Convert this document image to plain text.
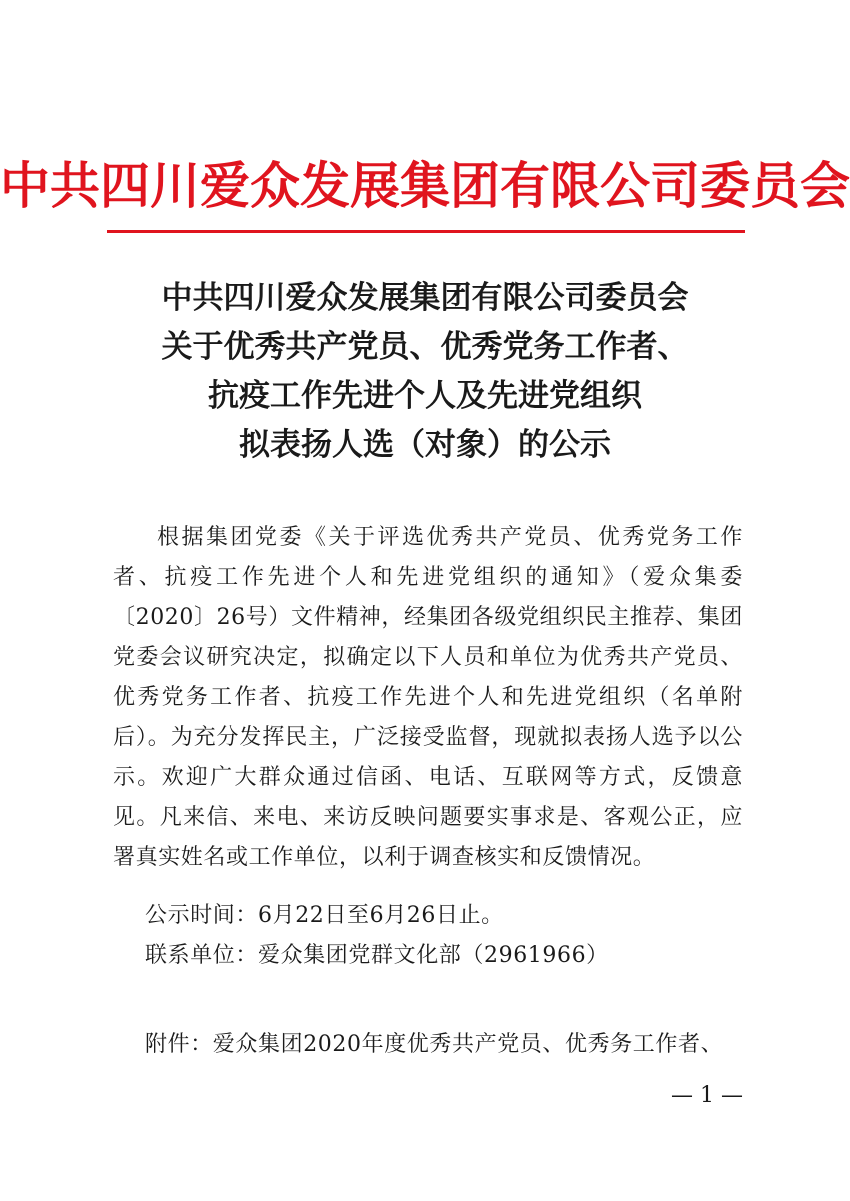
中共四川爱众发展集团有限公司委员会
中共四川爱众发展集团有限公司委员会
关于优秀共产党员、优秀党务工作者、
抗疫工作先进个人及先进党组织
拟表扬人选（对象）的公示

根据集团党委《关于评选优秀共产党员、优秀党务工作者、抗疫工作先进个人和先进党组织的通知》（爱众集委〔2020〕26号）文件精神，经集团各级党组织民主推荐、集团党委会议研究决定，拟确定以下人员和单位为优秀共产党员、优秀党务工作者、抗疫工作先进个人和先进党组织（名单附后）。为充分发挥民主，广泛接受监督，现就拟表扬人选予以公示。欢迎广大群众通过信函、电话、互联网等方式，反馈意见。凡来信、来电、来访反映问题要实事求是、客观公正，应署真实姓名或工作单位，以利于调查核实和反馈情况。

公示时间：6月22日至6月26日止。
联系单位：爱众集团党群文化部（2961966）
附件：爱众集团2020年度优秀共产党员、优秀务工作者、
— 1 —
